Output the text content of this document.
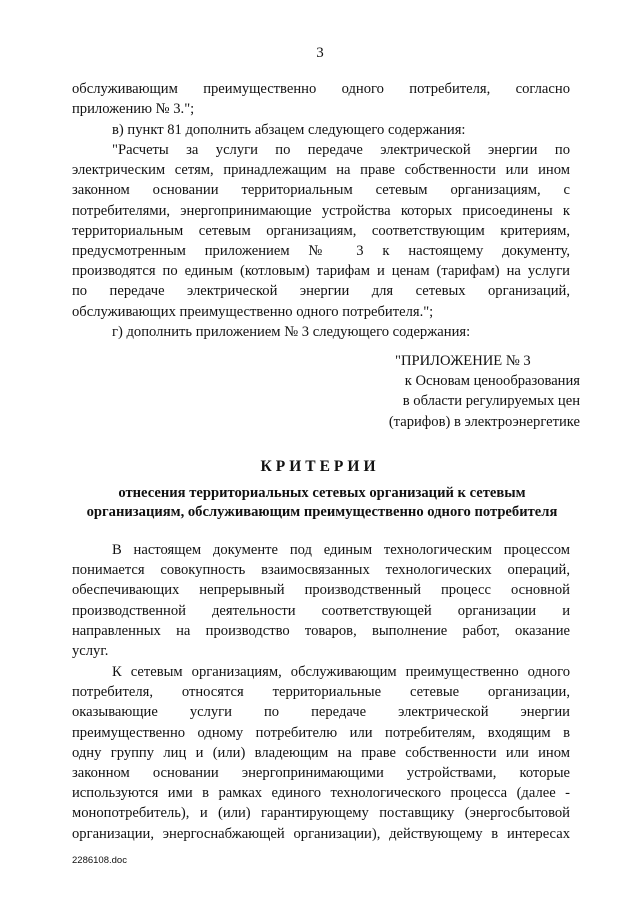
3
обслуживающим преимущественно одного потребителя, согласно
приложению № 3.";
в) пункт 81 дополнить абзацем следующего содержания:
"Расчеты за услуги по передаче электрической энергии по
электрическим сетям, принадлежащим на праве собственности или ином
законном основании территориальным сетевым организациям, с
потребителями, энергопринимающие устройства которых присоединены к
территориальным сетевым организациям, соответствующим критериям,
предусмотренным приложением № 3 к настоящему документу,
производятся по единым (котловым) тарифам и ценам (тарифам) на услуги
по передаче электрической энергии для сетевых организаций,
обслуживающих преимущественно одного потребителя.";
г) дополнить приложением № 3 следующего содержания:
"ПРИЛОЖЕНИЕ № 3
к Основам ценообразования
в области регулируемых цен
(тарифов) в электроэнергетике
КРИТЕРИИ
отнесения территориальных сетевых организаций к сетевым
организациям, обслуживающим преимущественно одного потребителя
В настоящем документе под единым технологическим процессом
понимается совокупность взаимосвязанных технологических операций,
обеспечивающих непрерывный производственный процесс основной
производственной деятельности соответствующей организации и
направленных на производство товаров, выполнение работ, оказание
услуг.
К сетевым организациям, обслуживающим преимущественно одного
потребителя, относятся территориальные сетевые организации,
оказывающие услуги по передаче электрической энергии
преимущественно одному потребителю или потребителям, входящим в
одну группу лиц и (или) владеющим на праве собственности или ином
законном основании энергопринимающими устройствами, которые
используются ими в рамках единого технологического процесса (далее -
монопотребитель), и (или) гарантирующему поставщику (энергосбытовой
организации, энергоснабжающей организации), действующему в интересах
2286108.doc
